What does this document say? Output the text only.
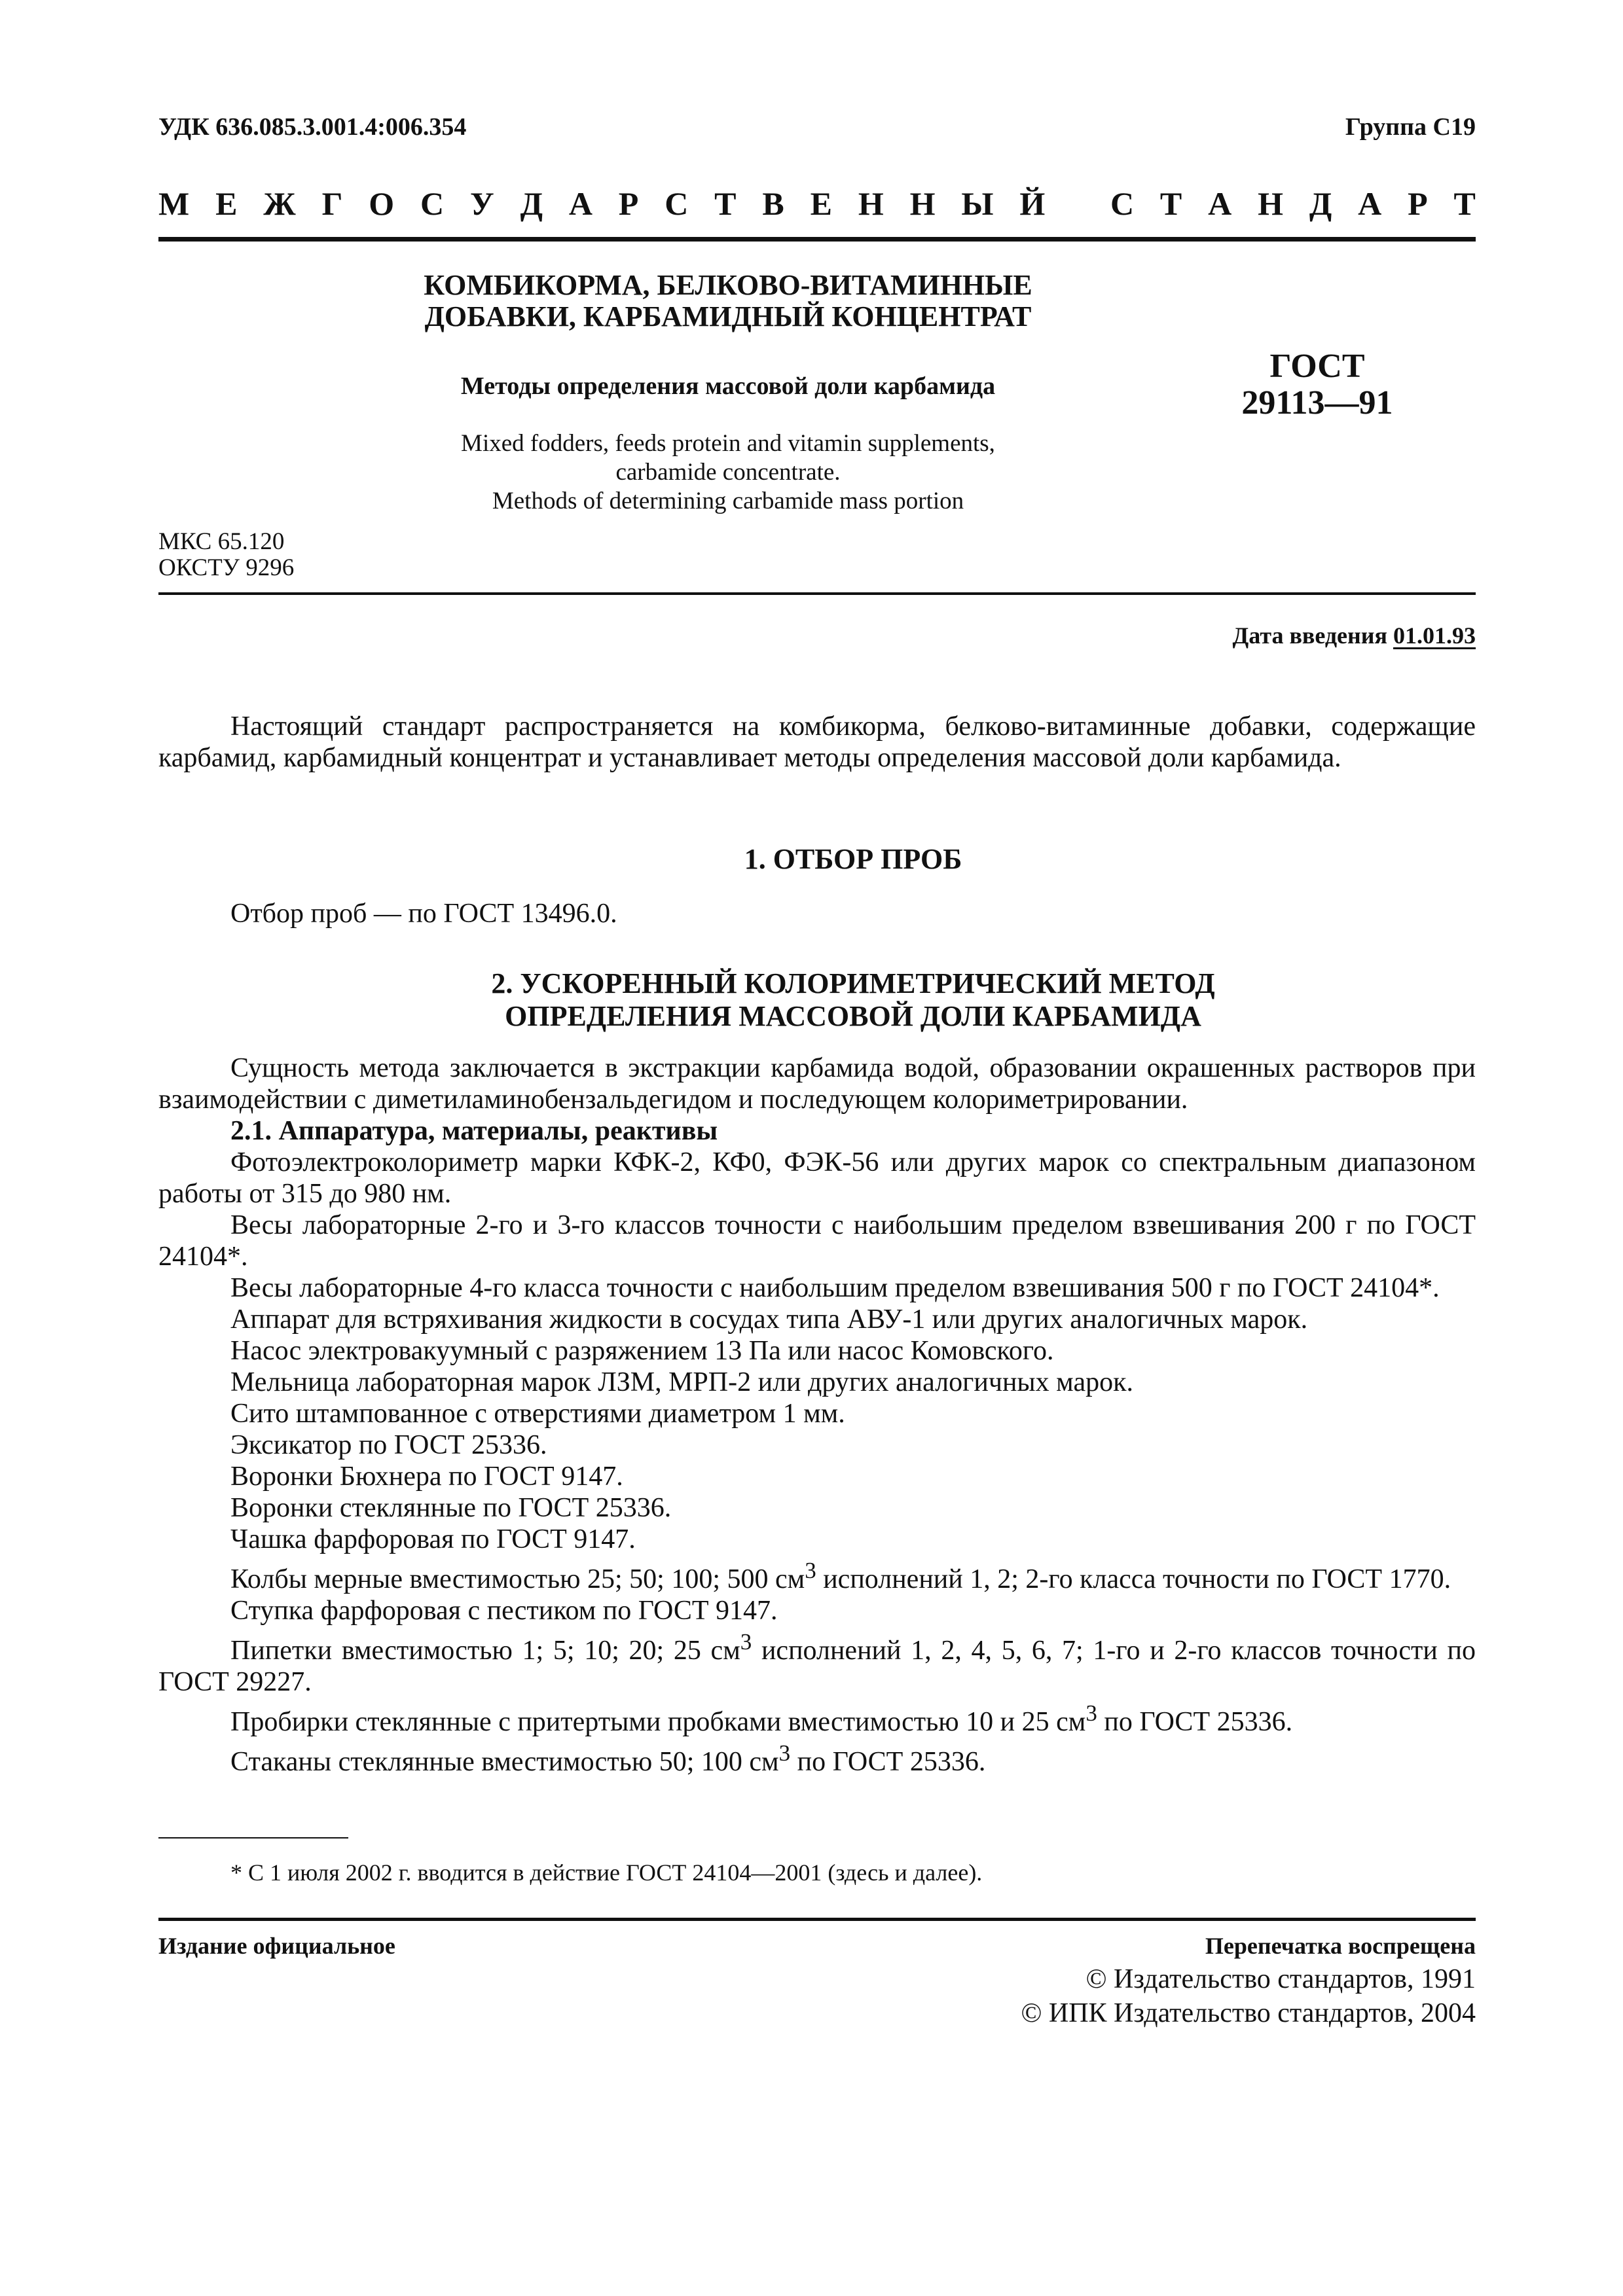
УДК 636.085.3.001.4:006.354	Группа С19
М Е Ж Г О С У Д А Р С Т В Е Н Н Ы Й С Т А Н Д А Р Т
КОМБИКОРМА, БЕЛКОВО-ВИТАМИННЫЕ
ДОБАВКИ, КАРБАМИДНЫЙ КОНЦЕНТРАТ
Методы определения массовой доли карбамида
Mixed fodders, feeds protein and vitamin supplements,
carbamide concentrate.
Methods of determining carbamide mass portion
ГОСТ
29113—91
МКС 65.120
ОКСТУ 9296
Дата введения 01.01.93

Настоящий стандарт распространяется на комбикорма, белково-витаминные добавки, содержащие карбамид, карбамидный концентрат и устанавливает методы определения массовой доли карбамида.

1. ОТБОР ПРОБ

Отбор проб — по ГОСТ 13496.0.

2. УСКОРЕННЫЙ КОЛОРИМЕТРИЧЕСКИЙ МЕТОД

ОПРЕДЕЛЕНИЯ МАССОВОЙ ДОЛИ КАРБАМИДА

Сущность метода заключается в экстракции карбамида водой, образовании окрашенных растворов при взаимодействии с диметиламинобензальдегидом и последующем колориметрировании.

2.1. Аппаратура, материалы, реактивы

Фотоэлектроколориметр марки КФК-2, КФ0, ФЭК-56 или других марок со спектральным диапазоном работы от 315 до 980 нм.

Весы лабораторные 2-го и 3-го классов точности с наибольшим пределом взвешивания 200 г по ГОСТ 24104*.

Весы лабораторные 4-го класса точности с наибольшим пределом взвешивания 500 г по ГОСТ 24104*.

Аппарат для встряхивания жидкости в сосудах типа АВУ-1 или других аналогичных марок.

Насос электровакуумный с разряжением 13 Па или насос Комовского.

Мельница лабораторная марок ЛЗМ, МРП-2 или других аналогичных марок.

Сито штампованное с отверстиями диаметром 1 мм.

Эксикатор по ГОСТ 25336.

Воронки Бюхнера по ГОСТ 9147.

Воронки стеклянные по ГОСТ 25336.

Чашка фарфоровая по ГОСТ 9147.

Колбы мерные вместимостью 25; 50; 100; 500 $см^3$ исполнений 1, 2; 2-го класса точности по ГОСТ 1770.

Ступка фарфоровая с пестиком по ГОСТ 9147.

Пипетки вместимостью 1; 5; 10; 20; 25 $см^3$ исполнений 1, 2, 4, 5, 6, 7; 1-го и 2-го классов точности по ГОСТ 29227.

Пробирки стеклянные с притертыми пробками вместимостью 10 и 25 $см^3$ по ГОСТ 25336.

Стаканы стеклянные вместимостью 50; 100 $см^3$ по ГОСТ 25336.

* С 1 июля 2002 г. вводится в действие ГОСТ 24104—2001 (здесь и далее).
Издание официальное	Перепечатка воспрещена
© Издательство стандартов, 1991
© ИПК Издательство стандартов, 2004
